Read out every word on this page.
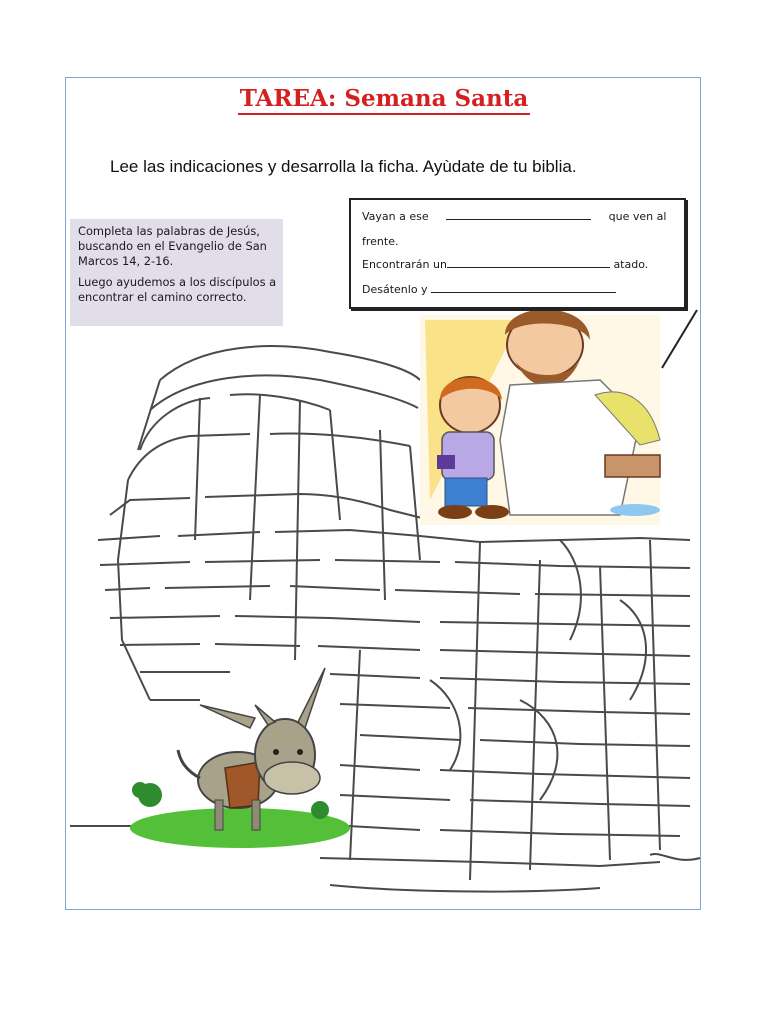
TAREA: Semana Santa
Lee las indicaciones y desarrolla la ficha. Ayùdate de tu biblia.

Completa las palabras de Jesús,
buscando en el Evangelio de San
Marcos 14, 2-16.

Luego ayudemos a los discípulos a
encontrar el camino correcto.

Vayan a ese	que ven al
frente.
Encontrarán un	atado.
Desátenlo y
